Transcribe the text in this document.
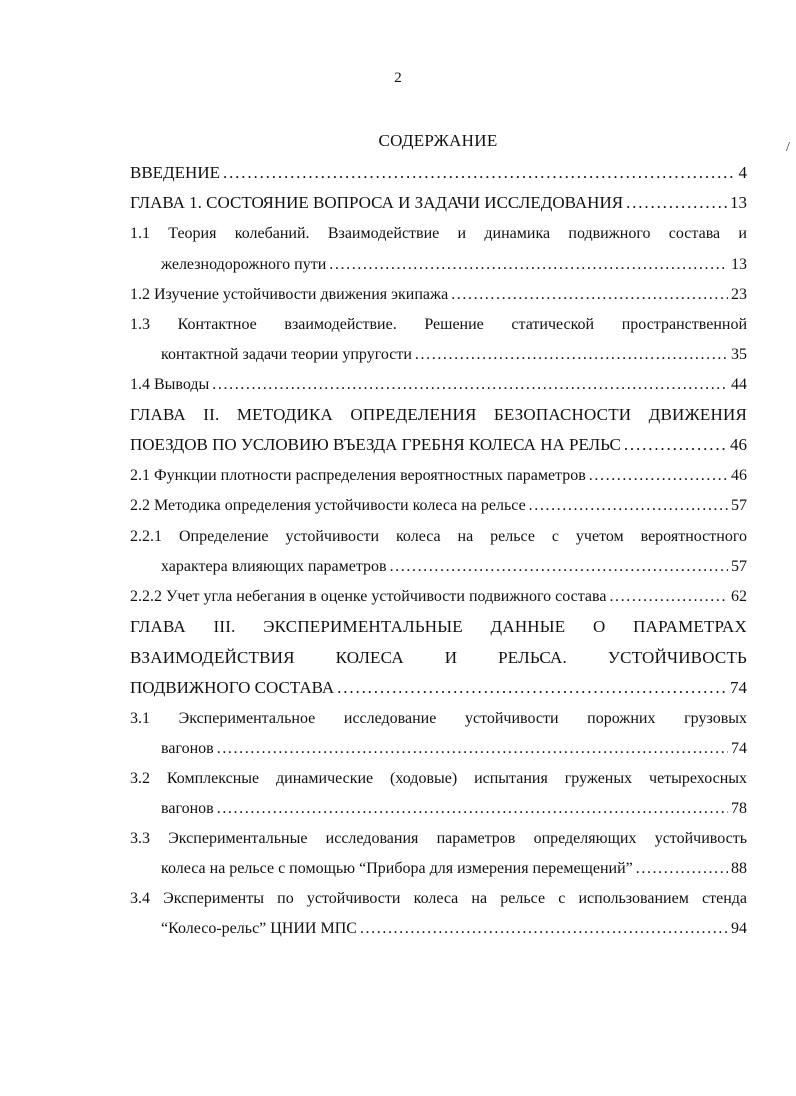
2
/
СОДЕРЖАНИЕ
ВВЕДЕНИЕ . . .	4
ГЛАВА 1. СОСТОЯНИЕ ВОПРОСА И ЗАДАЧИ ИССЛЕДОВАНИЯ . . .	13
1.1 Теория колебаний. Взаимодействие и динамика подвижного состава и
железнодорожного пути . . .	13
1.2 Изучение устойчивости движения экипажа . . .	23
1.3 Контактное взаимодействие. Решение статической пространственной
контактной задачи теории упругости . . .	35
1.4 Выводы . . .	44
ГЛАВА II. МЕТОДИКА ОПРЕДЕЛЕНИЯ БЕЗОПАСНОСТИ ДВИЖЕНИЯ
ПОЕЗДОВ ПО УСЛОВИЮ ВЪЕЗДА ГРЕБНЯ КОЛЕСА НА РЕЛЬС . . .	46
2.1 Функции плотности распределения вероятностных параметров . . .	46
2.2 Методика определения устойчивости колеса на рельсе . . .	57
2.2.1 Определение устойчивости колеса на рельсе с учетом вероятностного
характера влияющих параметров . . .	57
2.2.2 Учет угла небегания в оценке устойчивости подвижного состава . . .	62
ГЛАВА III. ЭКСПЕРИМЕНТАЛЬНЫЕ ДАННЫЕ О ПАРАМЕТРАХ
ВЗАИМОДЕЙСТВИЯ КОЛЕСА И РЕЛЬСА. УСТОЙЧИВОСТЬ
ПОДВИЖНОГО СОСТАВА . . .	74
3.1 Экспериментальное исследование устойчивости порожних грузовых
вагонов . . .	74
3.2 Комплексные динамические (ходовые) испытания груженых четырехосных
вагонов . . .	78
3.3 Экспериментальные исследования параметров определяющих устойчивость
колеса на рельсе с помощью “Прибора для измерения перемещений” . . .	88
3.4 Эксперименты по устойчивости колеса на рельсе с использованием стенда
“Колесо-рельс” ЦНИИ МПС . . .	94
